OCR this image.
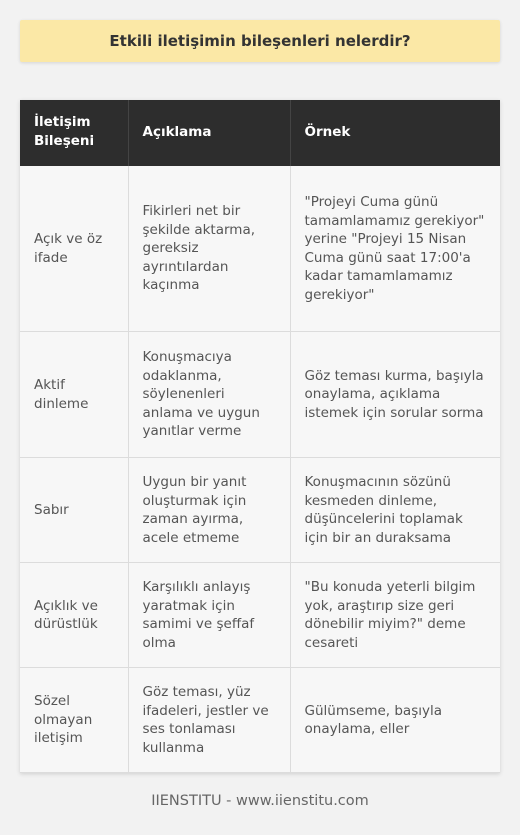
Etkili iletişimin bileşenleri nelerdir?
İletişim Bileşeni	Açıklama	Örnek
Açık ve öz ifade	Fikirleri net bir şekilde aktarma, gereksiz ayrıntılardan kaçınma	"Projeyi Cuma günü tamamlamamız gerekiyor" yerine "Projeyi 15 Nisan Cuma günü saat 17:00'a kadar tamamlamamız gerekiyor"
Aktif dinleme	Konuşmacıya odaklanma, söylenenleri anlama ve uygun yanıtlar verme	Göz teması kurma, başıyla onaylama, açıklama istemek için sorular sorma
Sabır	Uygun bir yanıt oluşturmak için zaman ayırma, acele etmeme	Konuşmacının sözünü kesmeden dinleme, düşüncelerini toplamak için bir an duraksama
Açıklık ve dürüstlük	Karşılıklı anlayış yaratmak için samimi ve şeffaf olma	"Bu konuda yeterli bilgim yok, araştırıp size geri dönebilir miyim?" deme cesareti
Sözel olmayan iletişim	Göz teması, yüz ifadeleri, jestler ve ses tonlaması kullanma	Gülümseme, başıyla onaylama, eller
IIENSTITU - www.iienstitu.com
